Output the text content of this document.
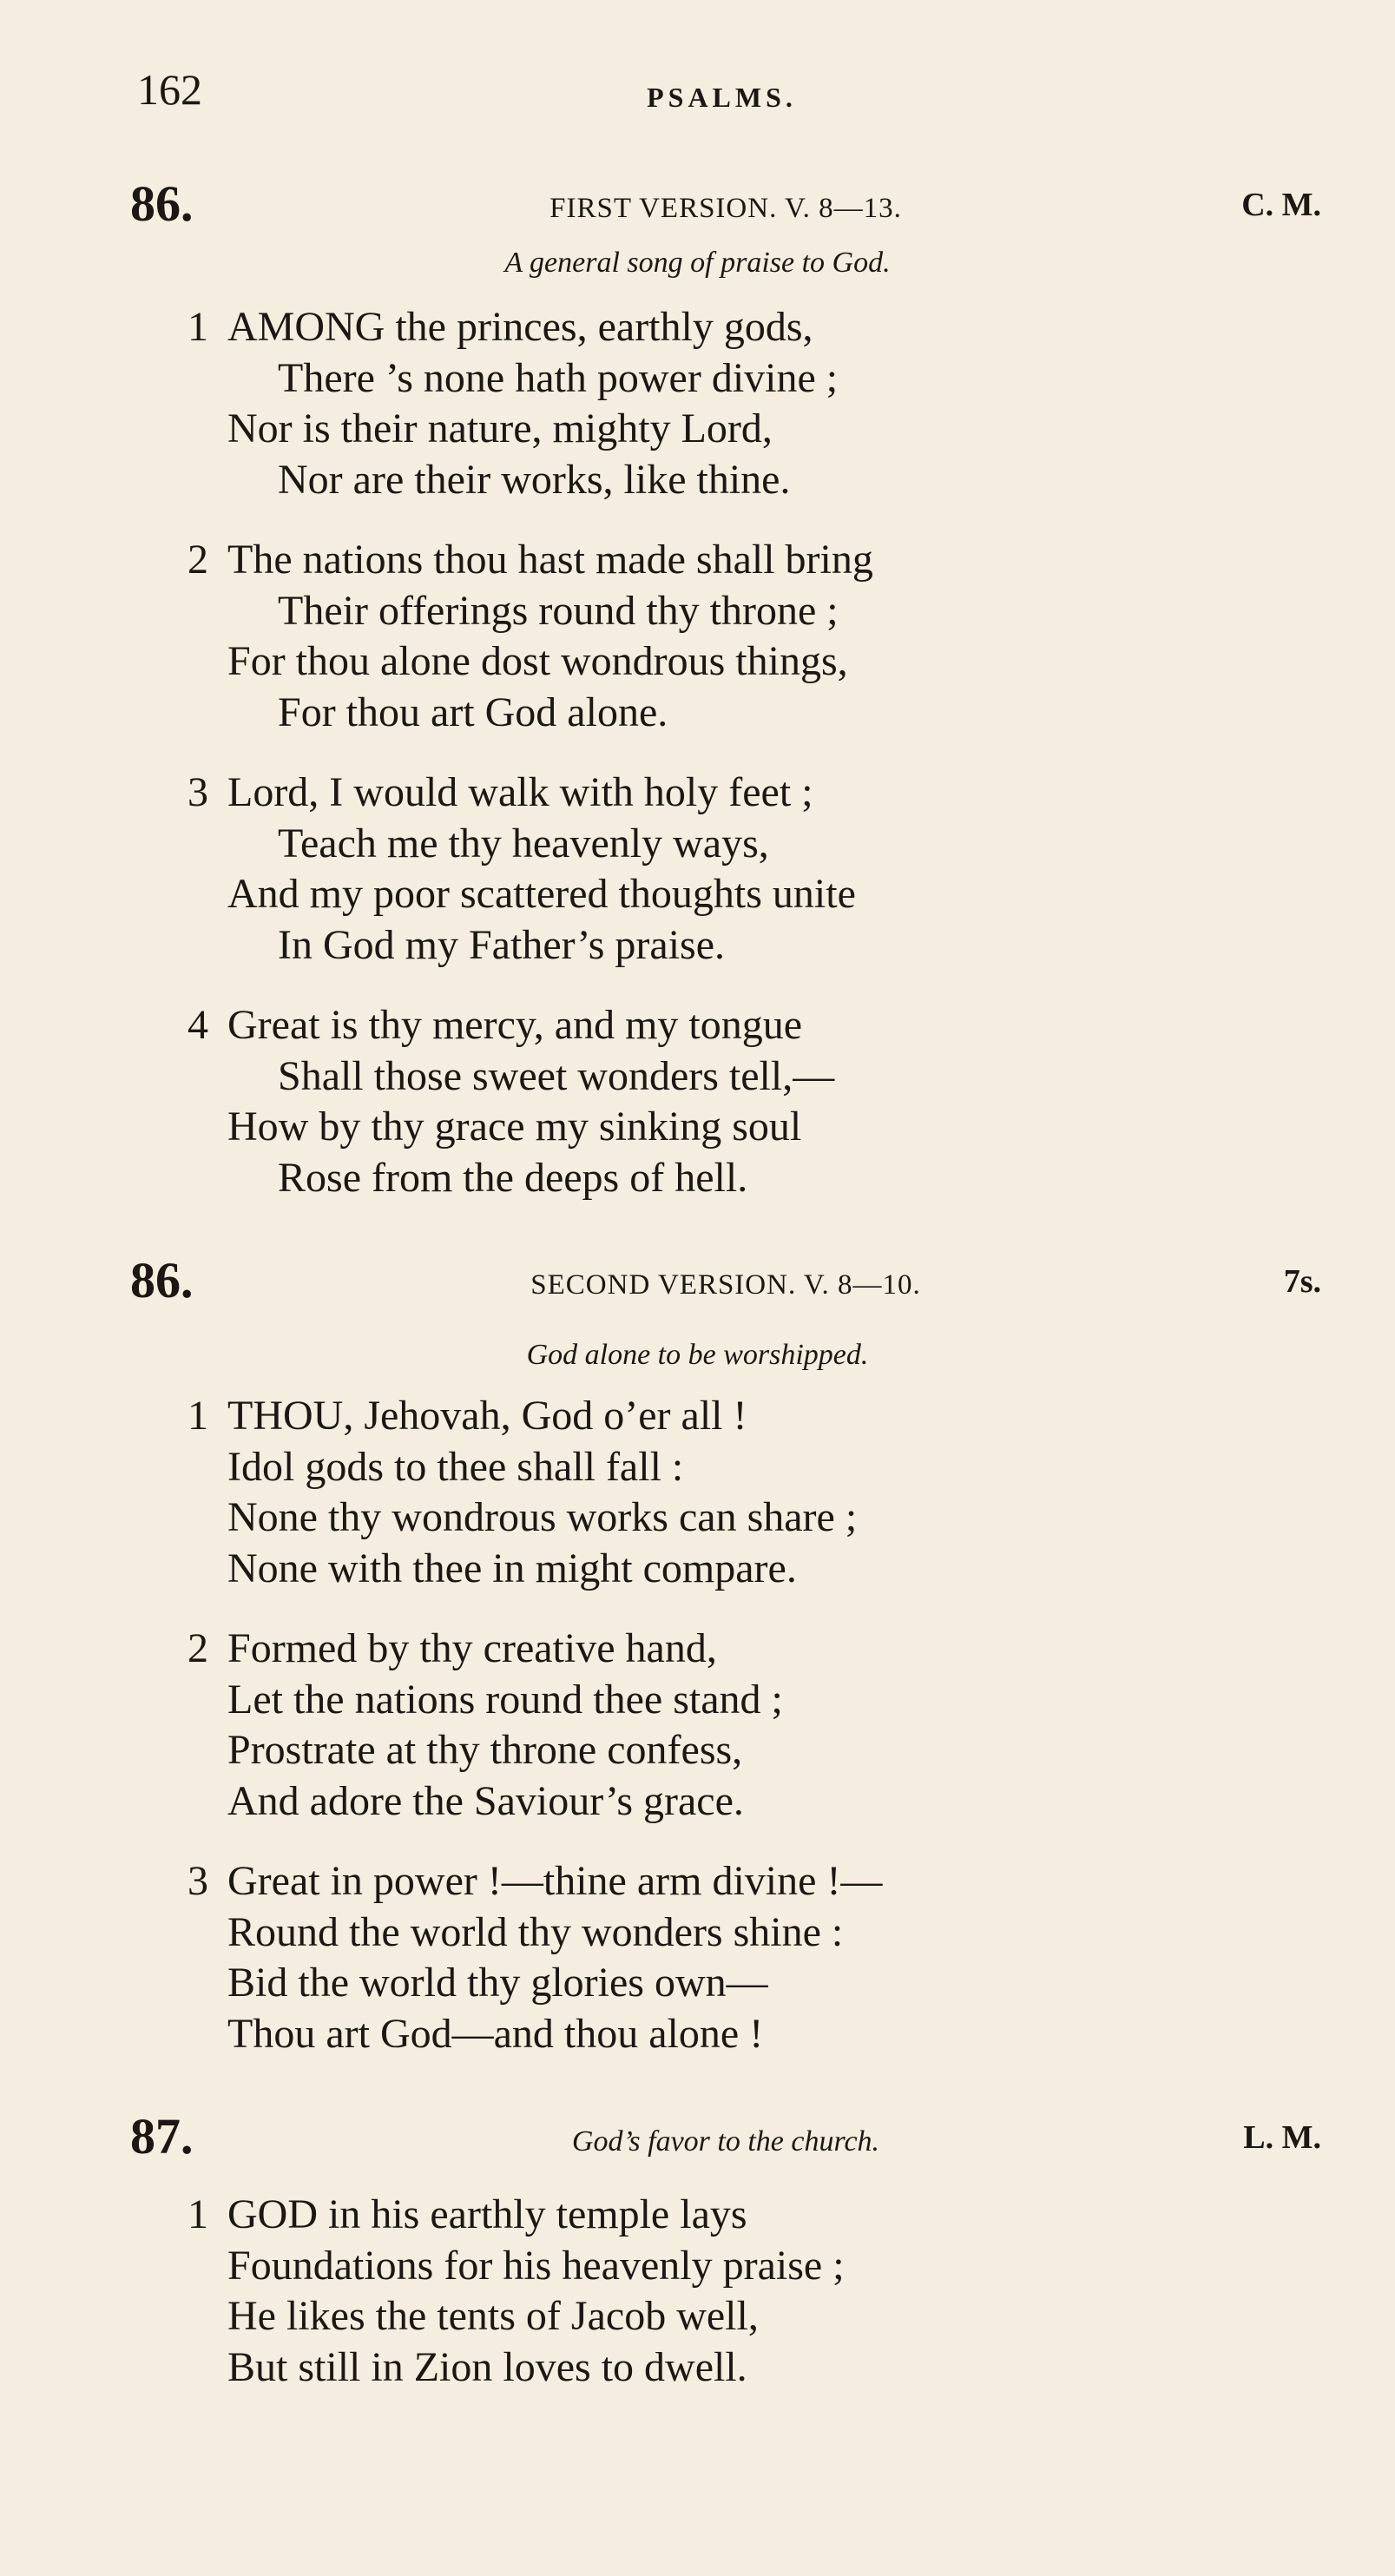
162	PSALMS.
86.	FIRST VERSION. V. 8—13.	C. M.
A general song of praise to God.
1 AMONG the princes, earthly gods,
There ’s none hath power divine ;
Nor is their nature, mighty Lord,
Nor are their works, like thine.
2 The nations thou hast made shall bring
Their offerings round thy throne ;
For thou alone dost wondrous things,
For thou art God alone.
3 Lord, I would walk with holy feet ;
Teach me thy heavenly ways,
And my poor scattered thoughts unite
In God my Father’s praise.
4 Great is thy mercy, and my tongue
Shall those sweet wonders tell,—
How by thy grace my sinking soul
Rose from the deeps of hell.
86.	SECOND VERSION. V. 8—10.	7s.
God alone to be worshipped.
1 THOU, Jehovah, God o’er all !
Idol gods to thee shall fall :
None thy wondrous works can share ;
None with thee in might compare.
2 Formed by thy creative hand,
Let the nations round thee stand ;
Prostrate at thy throne confess,
And adore the Saviour’s grace.
3 Great in power !—thine arm divine !—
Round the world thy wonders shine :
Bid the world thy glories own—
Thou art God—and thou alone !
87.	God’s favor to the church.	L. M.
1 GOD in his earthly temple lays
Foundations for his heavenly praise ;
He likes the tents of Jacob well,
But still in Zion loves to dwell.
